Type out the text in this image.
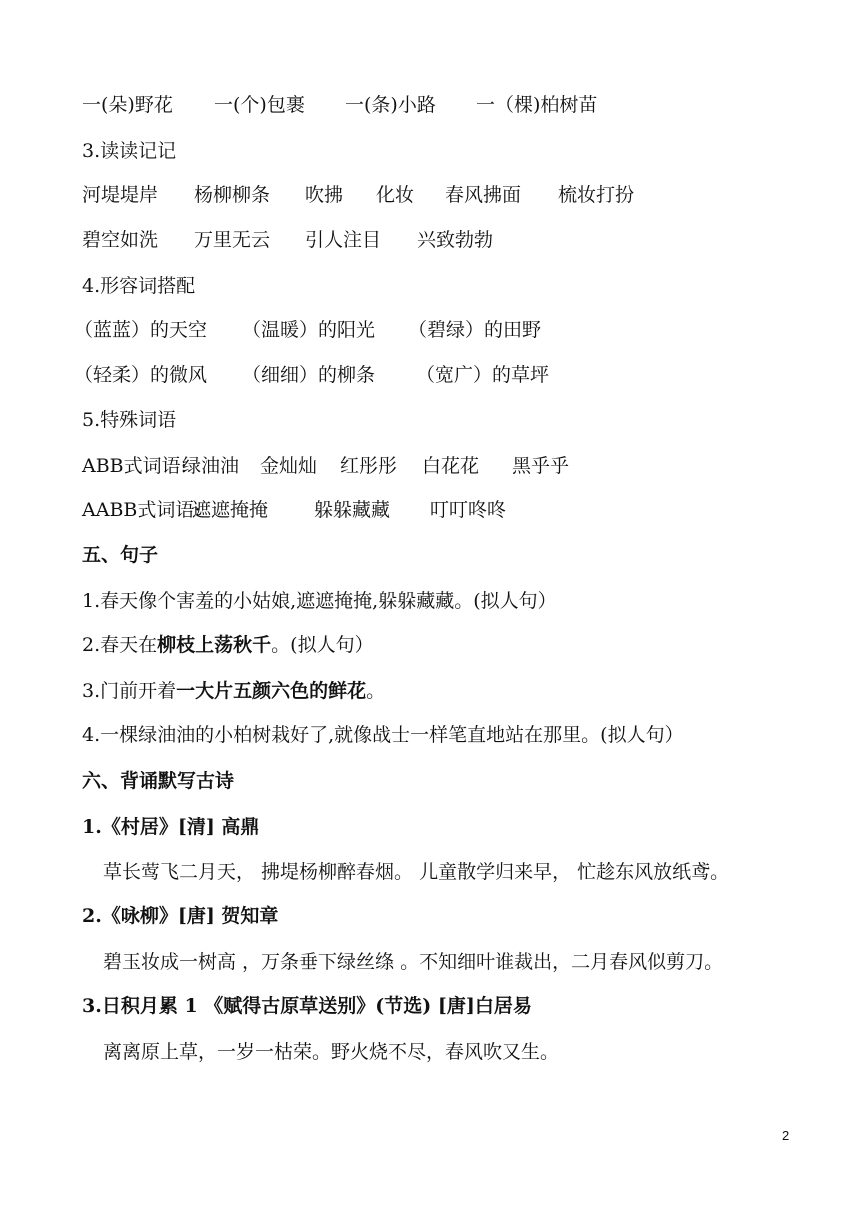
一(朵)野花 一(个)包裹 一(条)小路 一（棵)柏树苗
3.读读记记
河堤堤岸 杨柳柳条 吹拂 化妆 春风拂面 梳妆打扮
碧空如洗 万里无云 引人注目 兴致勃勃
4.形容词搭配
（蓝蓝）的天空 （温暖）的阳光 （碧绿）的田野
（轻柔）的微风 （细细）的柳条 （宽广）的草坪
5.特殊词语
ABB式词语:
绿油油 金灿灿 红彤彤 白花花 黑乎乎
AABB式词语:
遮遮掩掩 躲躲藏藏 叮叮咚咚
五、句子
1.春天像个害羞的小姑娘,遮遮掩掩,躲躲藏藏。(拟人句）
2.春天在柳枝上荡秋千。(拟人句）
3.门前开着一大片五颜六色的鲜花。
4.一棵绿油油的小柏树栽好了,就像战士一样笔直地站在那里。(拟人句）
六、背诵默写古诗
1.《村居》[清] 高鼎
草长莺飞二月天， 拂堤杨柳醉春烟。 儿童散学归来早， 忙趁东风放纸鸢。
2.《咏柳》[唐] 贺知章
碧玉妆成一树高 ，万条垂下绿丝绦 。不知细叶谁裁出，二月春风似剪刀。
3.日积月累 1 《赋得古原草送别》(节选) [唐]白居易
离离原上草，一岁一枯荣。野火烧不尽，春风吹又生。
2
